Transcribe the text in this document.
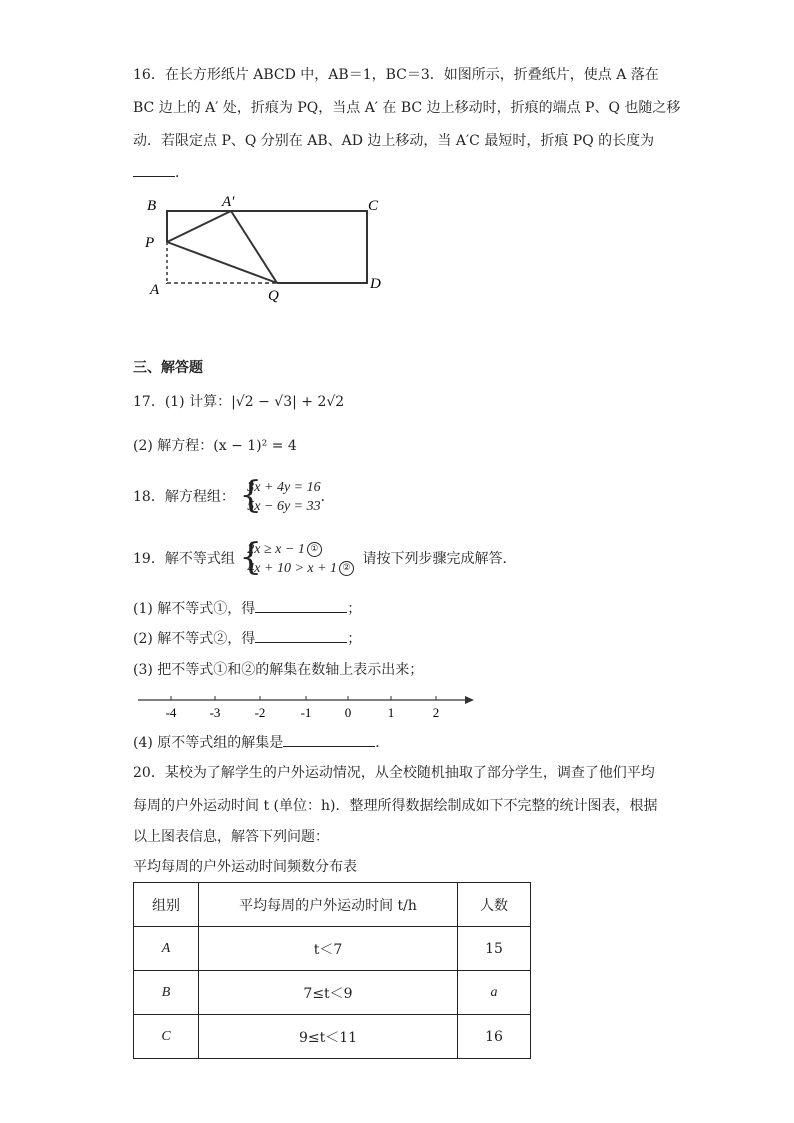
16．在长方形纸片 ABCD 中，AB＝1，BC＝3．如图所示，折叠纸片，使点 A 落在
BC 边上的 A′ 处，折痕为 PQ，当点 A′ 在 BC 边上移动时，折痕的端点 P、Q 也随之移
动．若限定点 P、Q 分别在 AB、AD 边上移动，当 A′C 最短时，折痕 PQ 的长度为
．
B	A′	C
P
A	Q
D
三、解答题
17．(1) 计算：|√2 − √3| + 2√2
(2) 解方程：(x − 1)² = 4
18．解方程组： {
3x + 4y = 16
5x − 6y = 33
．
19．解不等式组 {
2x ≥ x − 1 ①
4x + 10 > x + 1 ②
请按下列步骤完成解答．
(1) 解不等式①，得	；
(2) 解不等式②，得	；
(3) 把不等式①和②的解集在数轴上表示出来；
-4	-3	-2	-1	0	1	2
(4) 原不等式组的解集是	．
20．某校为了解学生的户外运动情况，从全校随机抽取了部分学生，调查了他们平均
每周的户外运动时间 t (单位：h)．整理所得数据绘制成如下不完整的统计图表，根据
以上图表信息，解答下列问题：
平均每周的户外运动时间频数分布表
组别	平均每周的户外运动时间 t/h	人数
A	t＜7	15
B	7≤t＜9	a
C	9≤t＜11	16
